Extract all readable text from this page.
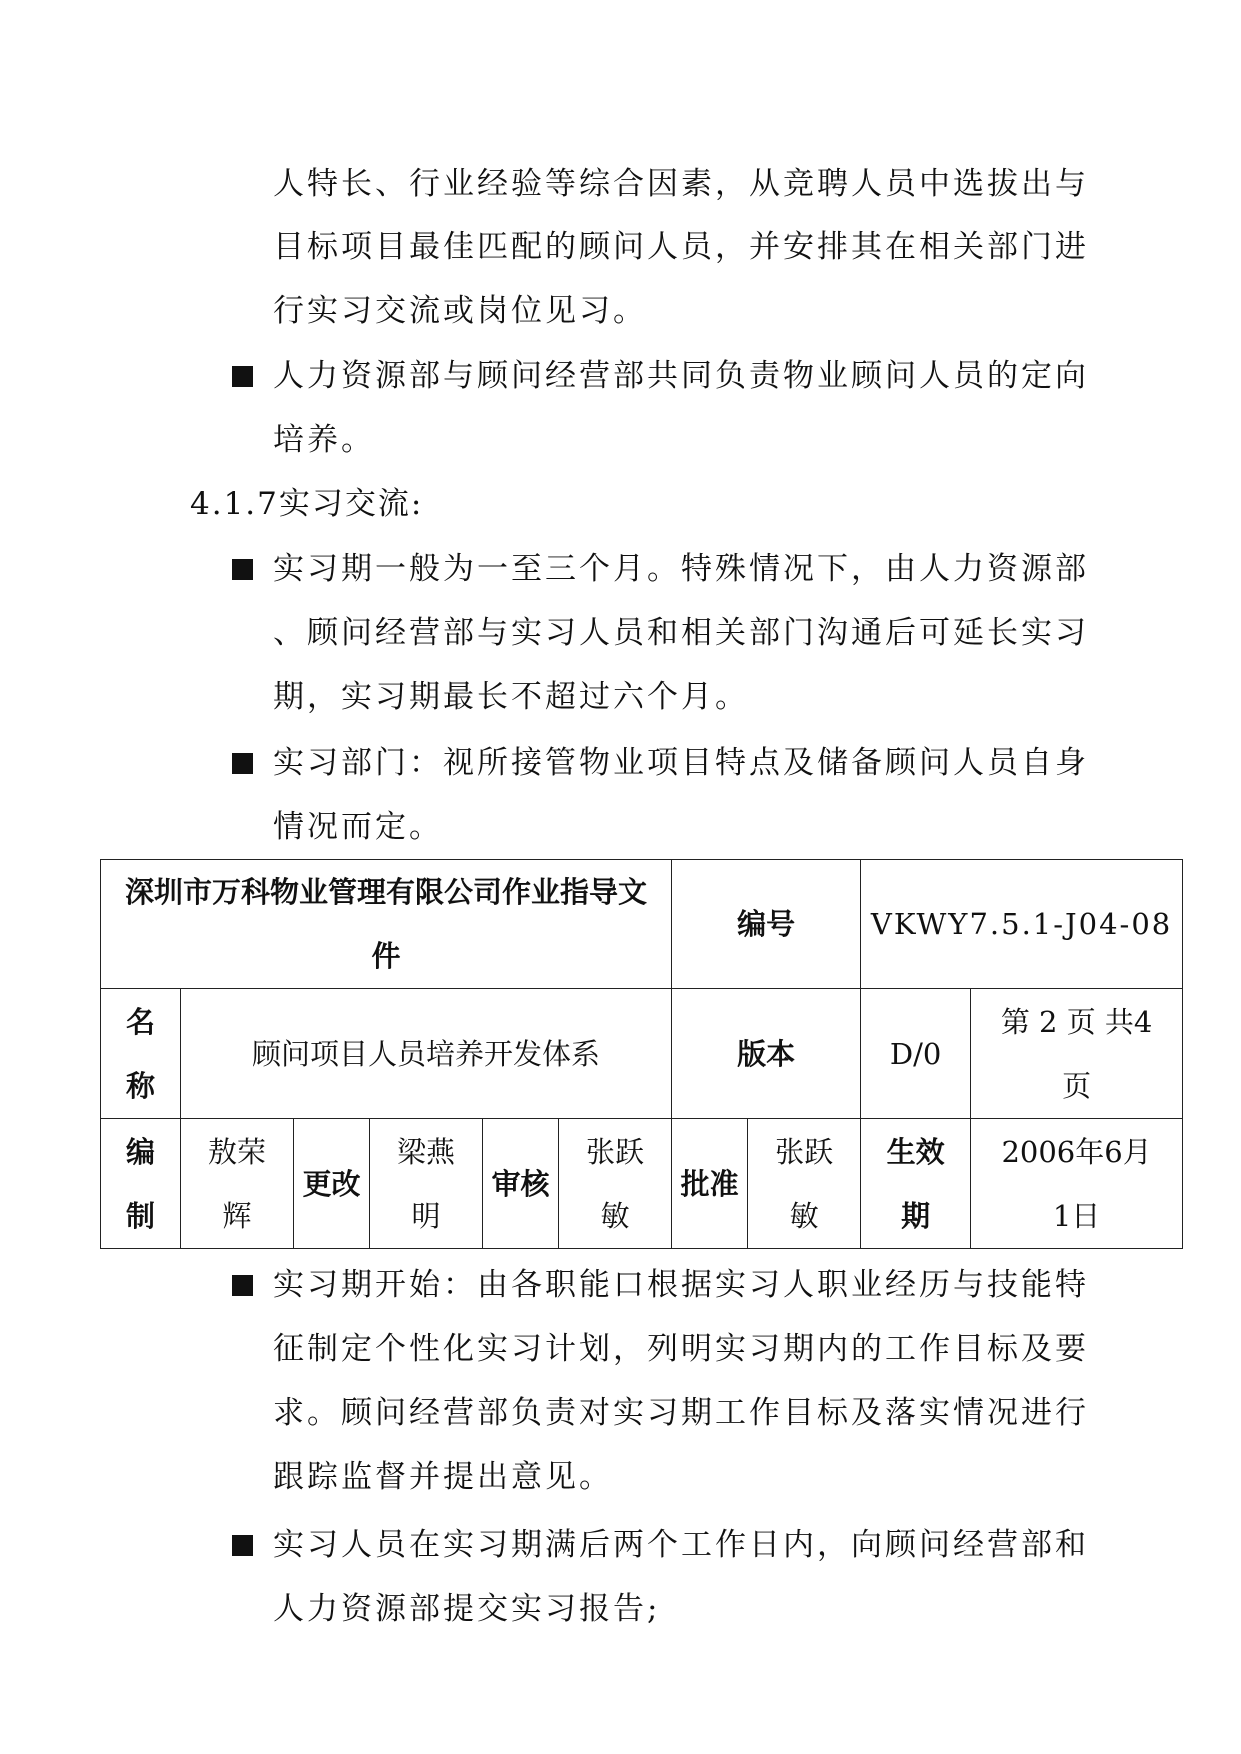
人特长、行业经验等综合因素，从竞聘人员中选拔出与
目标项目最佳匹配的顾问人员，并安排其在相关部门进
行实习交流或岗位见习。
人力资源部与顾问经营部共同负责物业顾问人员的定向
培养。
4.1.7实习交流:
实习期一般为一至三个月。特殊情况下，由人力资源部
、顾问经营部与实习人员和相关部门沟通后可延长实习
期，实习期最长不超过六个月。
实习部门：视所接管物业项目特点及储备顾问人员自身
情况而定。
深圳市万科物业管理有限公司作业指导文件						编号		VKWY7.5.1-J04-08	
名称	顾问项目人员培养开发体系					版本		D/0	第 2 页 共4页
编制	敖荣辉	更改	梁燕明	审核	张跃敏	批准	张跃敏	生效期	2006年6月1日
实习期开始：由各职能口根据实习人职业经历与技能特
征制定个性化实习计划，列明实习期内的工作目标及要
求。顾问经营部负责对实习期工作目标及落实情况进行
跟踪监督并提出意见。
实习人员在实习期满后两个工作日内，向顾问经营部和
人力资源部提交实习报告;
